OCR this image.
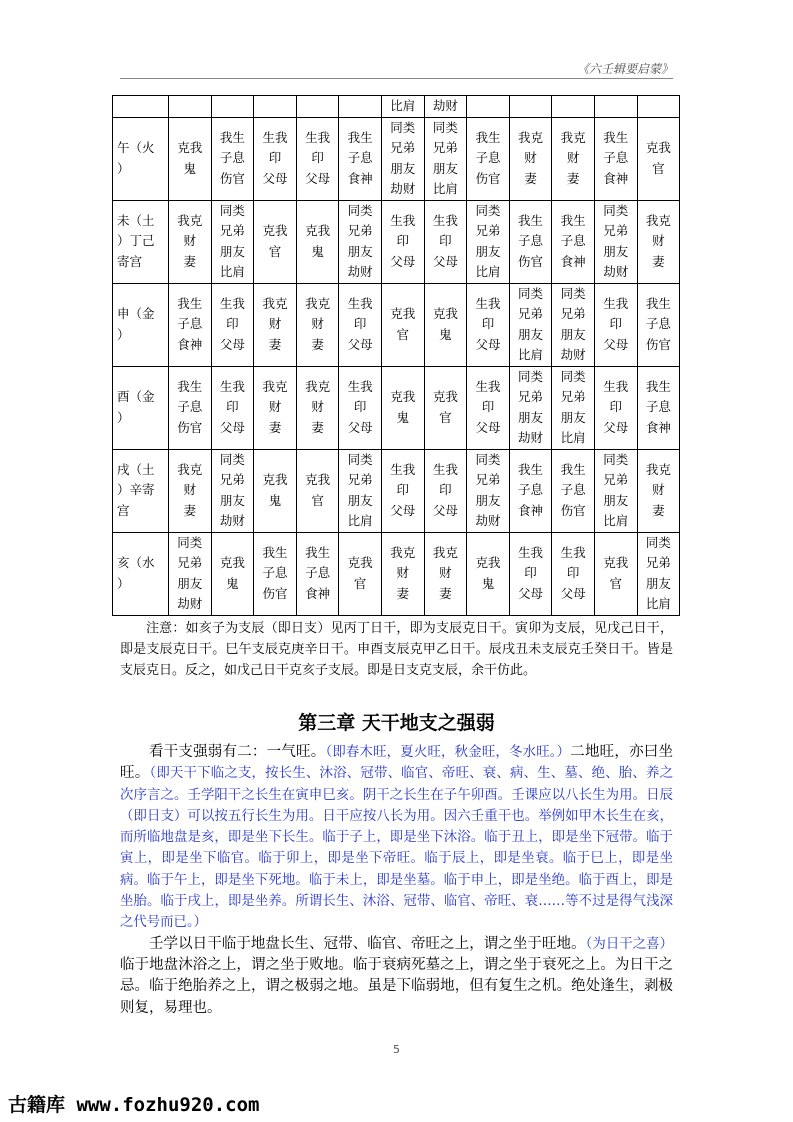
《六壬辑要启蒙》
						比肩	劫财					

午（火
）	克我
鬼	我生
子息
伤官	生我
印
父母	生我
印
父母	我生
子息
食神	同类
兄弟
朋友
劫财	同类
兄弟
朋友
比肩	我生
子息
伤官	我克
财
妻	我克
财
妻	我生
子息
食神	克我
官

未（土
）丁己
寄宫	我克
财
妻	同类
兄弟
朋友
比肩	克我
官	克我
鬼	同类
兄弟
朋友
劫财	生我
印
父母	生我
印
父母	同类
兄弟
朋友
比肩	我生
子息
伤官	我生
子息
食神	同类
兄弟
朋友
劫财	我克
财
妻

申（金
）	我生
子息
食神	生我
印
父母	我克
财
妻	我克
财
妻	生我
印
父母	克我
官	克我
鬼	生我
印
父母	同类
兄弟
朋友
比肩	同类
兄弟
朋友
劫财	生我
印
父母	我生
子息
伤官

酉（金
）	我生
子息
伤官	生我
印
父母	我克
财
妻	我克
财
妻	生我
印
父母	克我
鬼	克我
官	生我
印
父母	同类
兄弟
朋友
劫财	同类
兄弟
朋友
比肩	生我
印
父母	我生
子息
食神

戌（土
）辛寄
宫	我克
财
妻	同类
兄弟
朋友
劫财	克我
鬼	克我
官	同类
兄弟
朋友
比肩	生我
印
父母	生我
印
父母	同类
兄弟
朋友
劫财	我生
子息
食神	我生
子息
伤官	同类
兄弟
朋友
比肩	我克
财
妻

亥（水
）	同类
兄弟
朋友
劫财	克我
鬼	我生
子息
伤官	我生
子息
食神	克我
官	我克
财
妻	我克
财
妻	克我
鬼	生我
印
父母	生我
印
父母	克我
官	同类
兄弟
朋友
比肩
注意：如亥子为支辰（即日支）见丙丁日干，即为支辰克日干。寅卯为支辰，见戊己日干，即是支辰克日干。巳午支辰克庚辛日干。申酉支辰克甲乙日干。辰戌丑未支辰克壬癸日干。皆是支辰克日。反之，如戊己日干克亥子支辰。即是日支克支辰，余干仿此。
第三章 天干地支之强弱

看干支强弱有二：一气旺。（即春木旺，夏火旺，秋金旺，冬水旺。）二地旺，亦曰坐旺。（即天干下临之支，按长生、沐浴、冠带、临官、帝旺、衰、病、生、墓、绝、胎、养之次序言之。壬学阳干之长生在寅申巳亥。阴干之长生在子午卯酉。壬课应以八长生为用。日辰（即日支）可以按五行长生为用。日干应按八长为用。因六壬重干也。举例如甲木长生在亥，而所临地盘是亥，即是坐下长生。临于子上，即是坐下沐浴。临于丑上，即是坐下冠带。临于寅上，即是坐下临官。临于卯上，即是坐下帝旺。临于辰上，即是坐衰。临于巳上，即是坐病。临于午上，即是坐下死地。临于未上，即是坐墓。临于申上，即是坐绝。临于酉上，即是坐胎。临于戌上，即是坐养。所谓长生、沐浴、冠带、临官、帝旺、衰……等不过是得气浅深之代号而已。）

壬学以日干临于地盘长生、冠带、临官、帝旺之上，谓之坐于旺地。（为日干之喜）临于地盘沐浴之上，谓之坐于败地。临于衰病死墓之上，谓之坐于衰死之上。为日干之忌。临于绝胎养之上，谓之极弱之地。虽是下临弱地，但有复生之机。绝处逢生，剥极则复，易理也。

5
古籍库 www.fozhu920.com
